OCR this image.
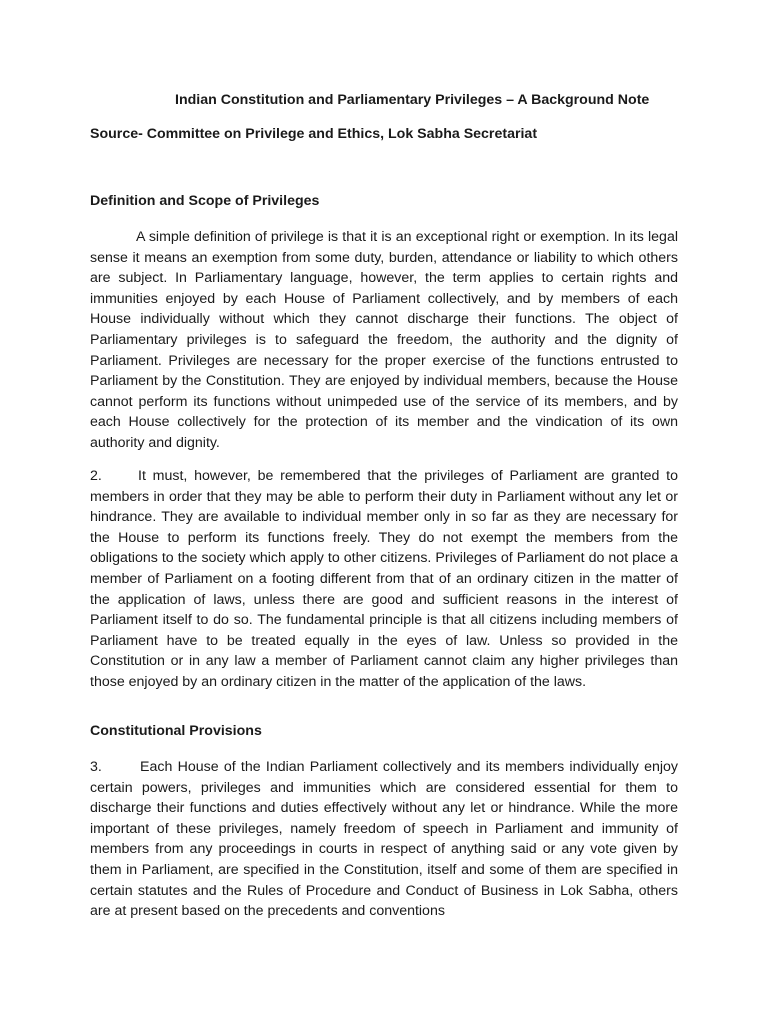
Indian Constitution and Parliamentary Privileges – A Background Note

Source- Committee on Privilege and Ethics, Lok Sabha Secretariat

Definition and Scope of Privileges

A simple definition of privilege is that it is an exceptional right or exemption. In its legal sense it means an exemption from some duty, burden, attendance or liability to which others are subject. In Parliamentary language, however, the term applies to certain rights and immunities enjoyed by each House of Parliament collectively, and by members of each House individually without which they cannot discharge their functions. The object of Parliamentary privileges is to safeguard the freedom, the authority and the dignity of Parliament. Privileges are necessary for the proper exercise of the functions entrusted to Parliament by the Constitution. They are enjoyed by individual members, because the House cannot perform its functions without unimpeded use of the service of its members, and by each House collectively for the protection of its member and the vindication of its own authority and dignity.

2.	It must, however, be remembered that the privileges of Parliament are granted to members in order that they may be able to perform their duty in Parliament without any let or hindrance. They are available to individual member only in so far as they are necessary for the House to perform its functions freely. They do not exempt the members from the obligations to the society which apply to other citizens. Privileges of Parliament do not place a member of Parliament on a footing different from that of an ordinary citizen in the matter of the application of laws, unless there are good and sufficient reasons in the interest of Parliament itself to do so. The fundamental principle is that all citizens including members of Parliament have to be treated equally in the eyes of law. Unless so provided in the Constitution or in any law a member of Parliament cannot claim any higher privileges than those enjoyed by an ordinary citizen in the matter of the application of the laws.

Constitutional Provisions

3.	Each House of the Indian Parliament collectively and its members individually enjoy certain powers, privileges and immunities which are considered essential for them to discharge their functions and duties effectively without any let or hindrance. While the more important of these privileges, namely freedom of speech in Parliament and immunity of members from any proceedings in courts in respect of anything said or any vote given by them in Parliament, are specified in the Constitution, itself and some of them are specified in certain statutes and the Rules of Procedure and Conduct of Business in Lok Sabha, others are at present based on the precedents and conventions
